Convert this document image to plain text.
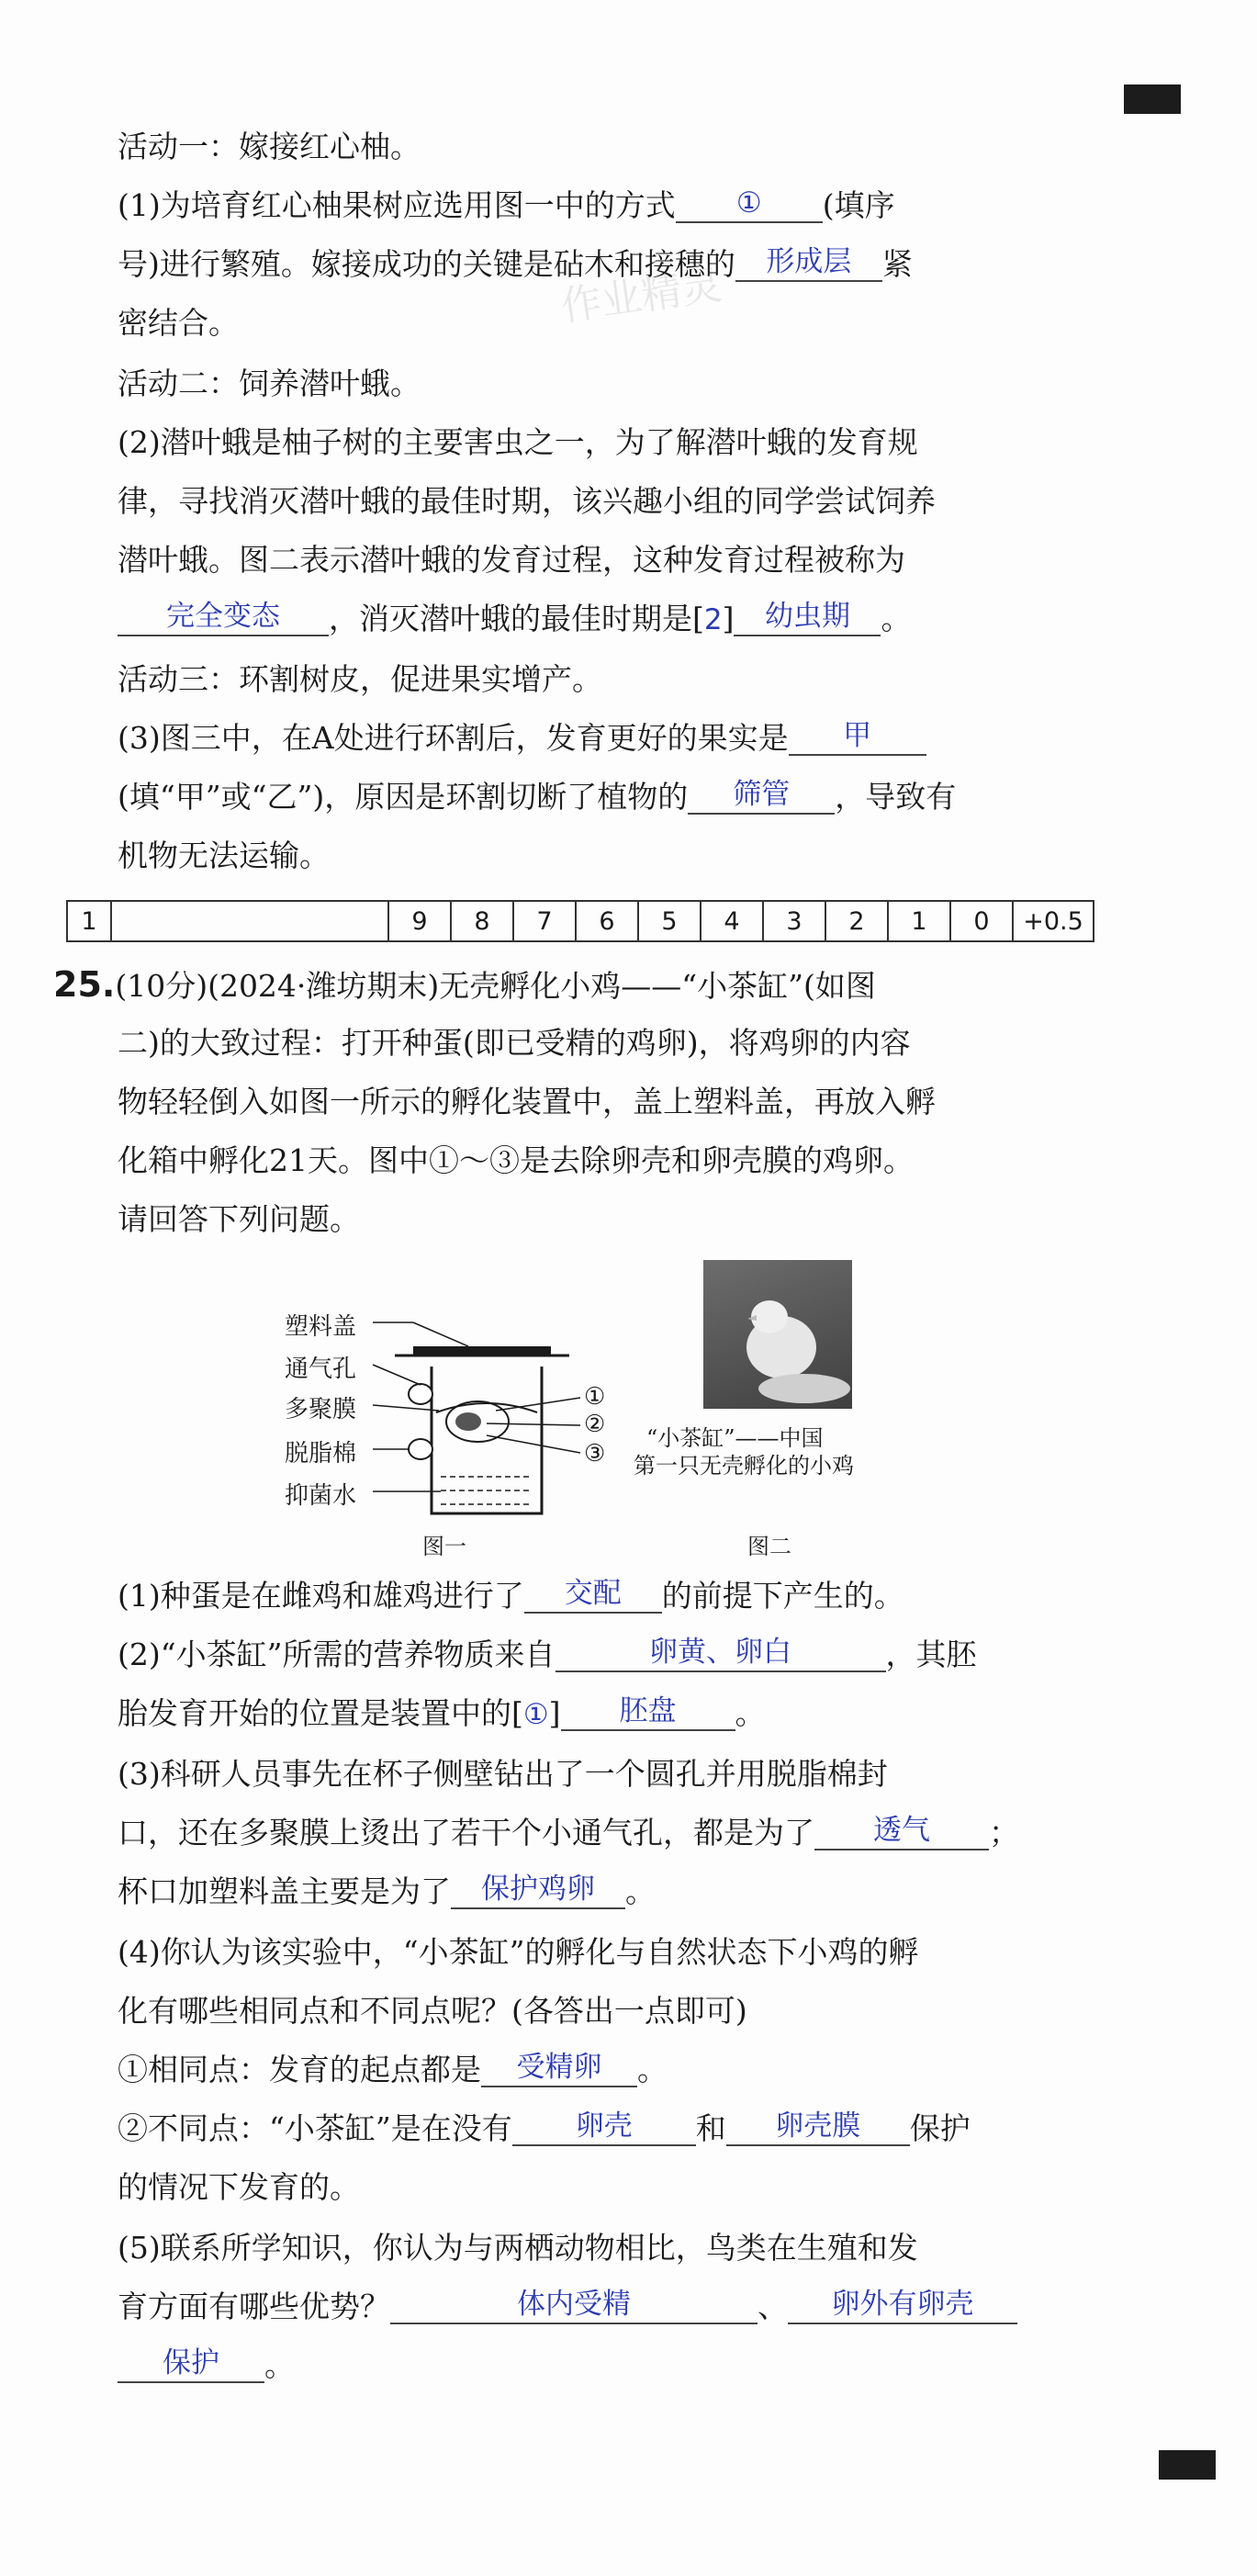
活动一：嫁接红心柚。
(1)为培育红心柚果树应选用图一中的方式 ① (填序
号)进行繁殖。嫁接成功的关键是砧木和接穗的 形成层 紧
密结合。
活动二：饲养潜叶蛾。
(2)潜叶蛾是柚子树的主要害虫之一，为了解潜叶蛾的发育规
律，寻找消灭潜叶蛾的最佳时期，该兴趣小组的同学尝试饲养
潜叶蛾。图二表示潜叶蛾的发育过程，这种发育过程被称为
完全变态 ，消灭潜叶蛾的最佳时期是[2] 幼虫期 。
活动三：环割树皮，促进果实增产。
(3)图三中，在A处进行环割后，发育更好的果实是 甲
(填“甲”或“乙”)，原因是环割切断了植物的 筛管 ，导致有
机物无法运输。
1		9	8	7	6	5	4	3	2	1	0	+0.5
25.(10分)(2024·潍坊期末)无壳孵化小鸡——“小茶缸”(如图
二)的大致过程：打开种蛋(即已受精的鸡卵)，将鸡卵的内容
物轻轻倒入如图一所示的孵化装置中，盖上塑料盖，再放入孵
化箱中孵化21天。图中①～③是去除卵壳和卵壳膜的鸡卵。
请回答下列问题。
塑料盖
通气孔
多聚膜
脱脂棉
抑菌水
①
②
③
图一
“小茶缸”——中国
第一只无壳孵化的小鸡
图二
(1)种蛋是在雌鸡和雄鸡进行了 交配 的前提下产生的。
(2)“小茶缸”所需的营养物质来自	卵黄、卵白	，其胚
胎发育开始的位置是装置中的[①] 胚盘 。
(3)科研人员事先在杯子侧壁钻出了一个圆孔并用脱脂棉封
口，还在多聚膜上烫出了若干个小通气孔，都是为了 透气 ；
杯口加塑料盖主要是为了 保护鸡卵 。
(4)你认为该实验中，“小茶缸”的孵化与自然状态下小鸡的孵
化有哪些相同点和不同点呢？(各答出一点即可)
①相同点：发育的起点都是 受精卵 。
②不同点：“小茶缸”是在没有 卵壳 和 卵壳膜 保护
的情况下发育的。
(5)联系所学知识，你认为与两栖动物相比，鸟类在生殖和发
育方面有哪些优势？	体内受精	、 卵外有卵壳
保护 。
作业精灵
